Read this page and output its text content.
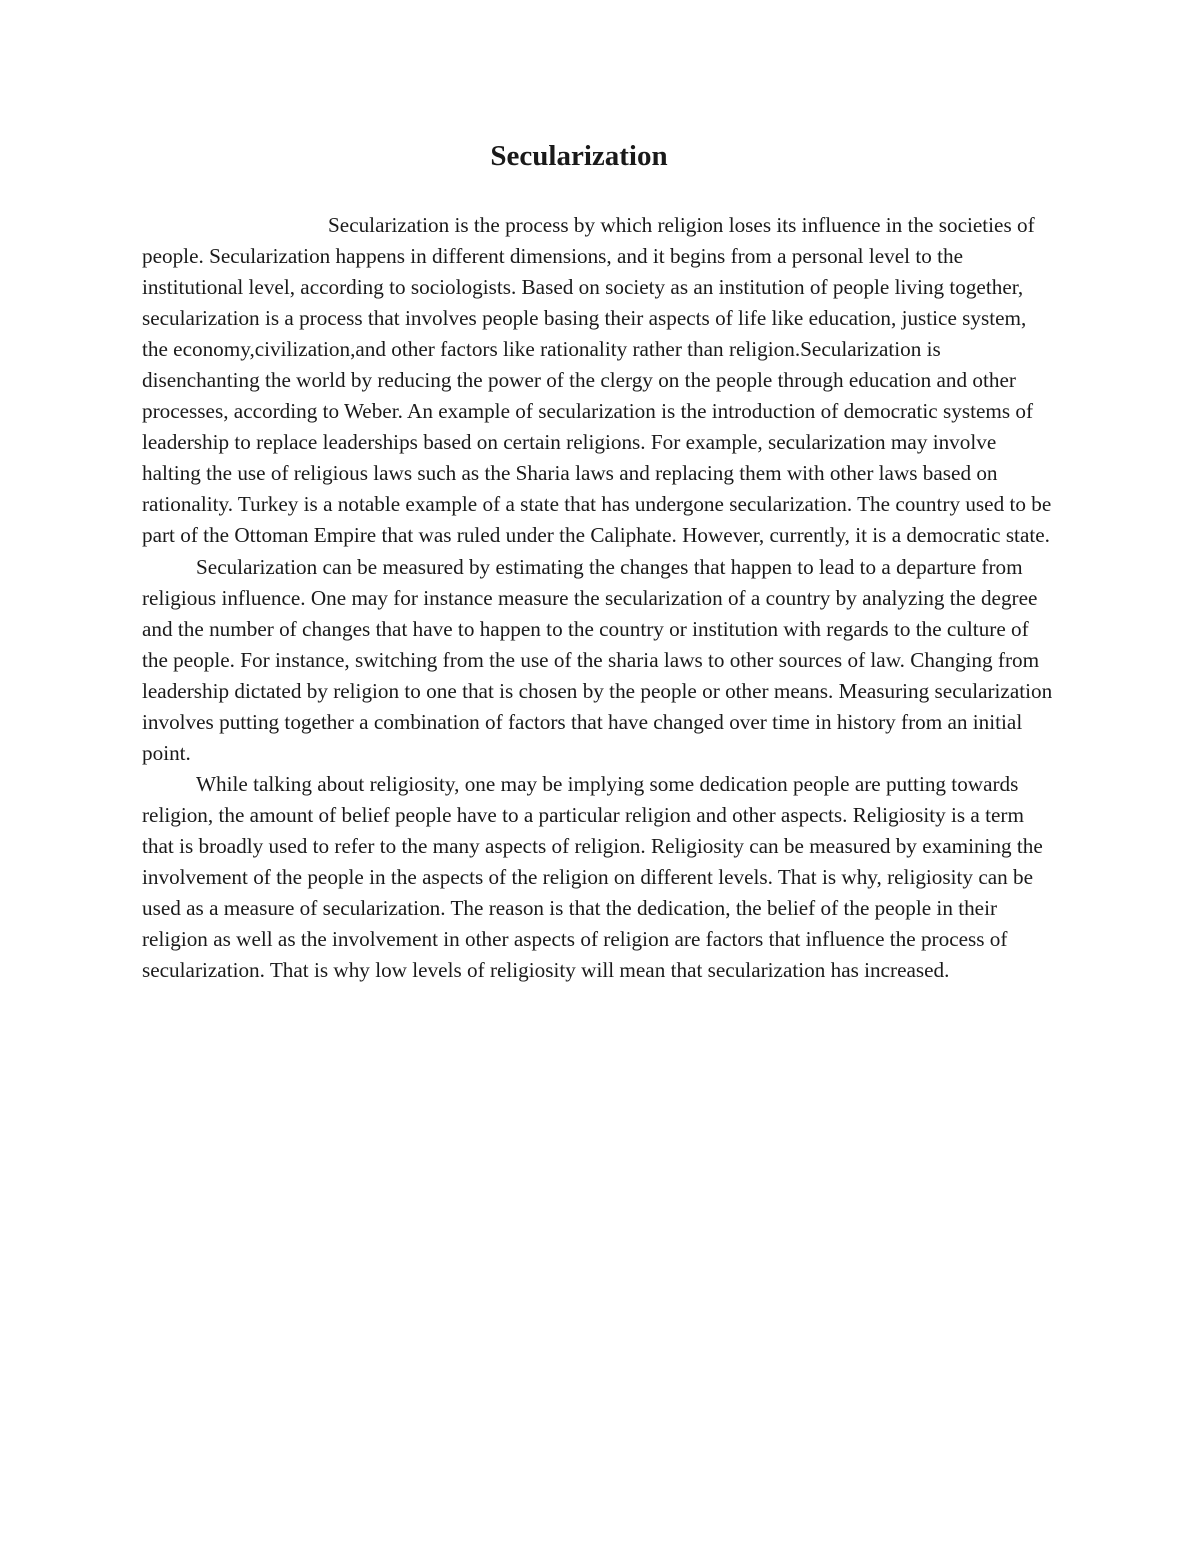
Secularization

Secularization is the process by which religion loses its influence in the societies of people. Secularization happens in different dimensions, and it begins from a personal level to the institutional level, according to sociologists. Based on society as an institution of people living together, secularization is a process that involves people basing their aspects of life like education, justice system, the economy,civilization,and other factors like rationality rather than religion.Secularization is disenchanting the world by reducing the power of the clergy on the people through education and other processes, according to Weber. An example of secularization is the introduction of democratic systems of leadership to replace leaderships based on certain religions. For example, secularization may involve halting the use of religious laws such as the Sharia laws and replacing them with other laws based on rationality. Turkey is a notable example of a state that has undergone secularization. The country used to be part of the Ottoman Empire that was ruled under the Caliphate. However, currently, it is a democratic state.

Secularization can be measured by estimating the changes that happen to lead to a departure from religious influence. One may for instance measure the secularization of a country by analyzing the degree and the number of changes that have to happen to the country or institution with regards to the culture of the people. For instance, switching from the use of the sharia laws to other sources of law. Changing from leadership dictated by religion to one that is chosen by the people or other means. Measuring secularization involves putting together a combination of factors that have changed over time in history from an initial point.

While talking about religiosity, one may be implying some dedication people are putting towards religion, the amount of belief people have to a particular religion and other aspects. Religiosity is a term that is broadly used to refer to the many aspects of religion. Religiosity can be measured by examining the involvement of the people in the aspects of the religion on different levels. That is why, religiosity can be used as a measure of secularization. The reason is that the dedication, the belief of the people in their religion as well as the involvement in other aspects of religion are factors that influence the process of secularization. That is why low levels of religiosity will mean that secularization has increased.
